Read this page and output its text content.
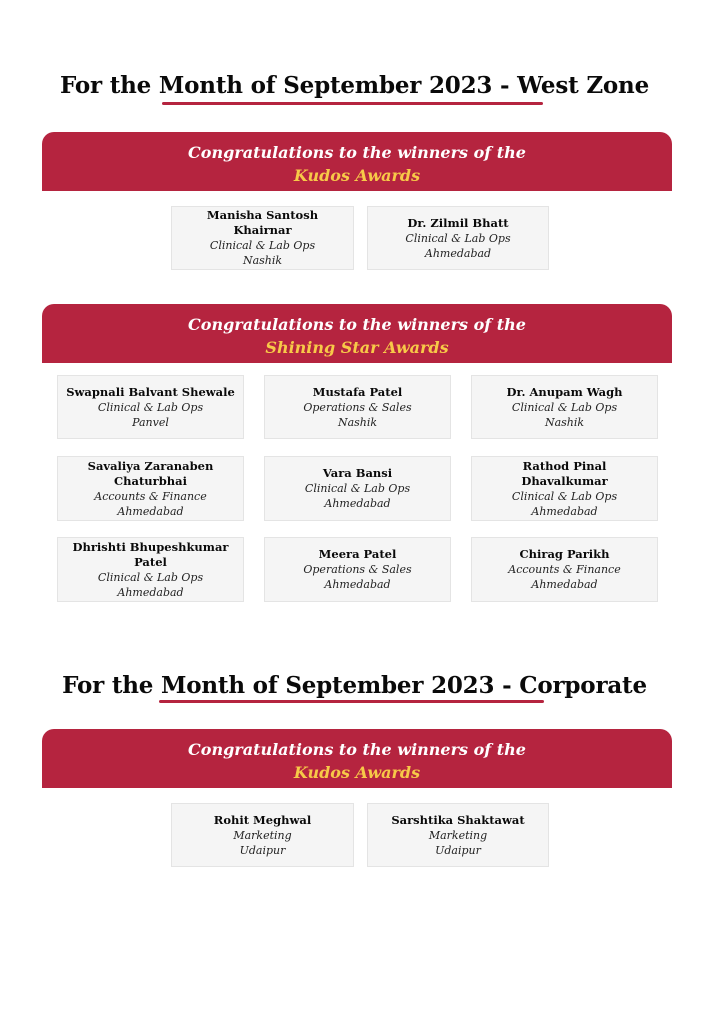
For the Month of September 2023 - West Zone
Congratulations to the winners of the
Kudos Awards
Manisha Santosh Khairnar
Clinical & Lab Ops
Nashik
Dr. Zilmil Bhatt
Clinical & Lab Ops
Ahmedabad
Congratulations to the winners of the
Shining Star Awards
Swapnali Balvant Shewale
Clinical & Lab Ops
Panvel
Mustafa Patel
Operations & Sales
Nashik
Dr. Anupam Wagh
Clinical & Lab Ops
Nashik
Savaliya Zaranaben Chaturbhai
Accounts & Finance
Ahmedabad
Vara Bansi
Clinical & Lab Ops
Ahmedabad
Rathod Pinal Dhavalkumar
Clinical & Lab Ops
Ahmedabad
Dhrishti Bhupeshkumar Patel
Clinical & Lab Ops
Ahmedabad
Meera Patel
Operations & Sales
Ahmedabad
Chirag Parikh
Accounts & Finance
Ahmedabad
For the Month of September 2023 - Corporate
Congratulations to the winners of the
Kudos Awards
Rohit Meghwal
Marketing
Udaipur
Sarshtika Shaktawat
Marketing
Udaipur
